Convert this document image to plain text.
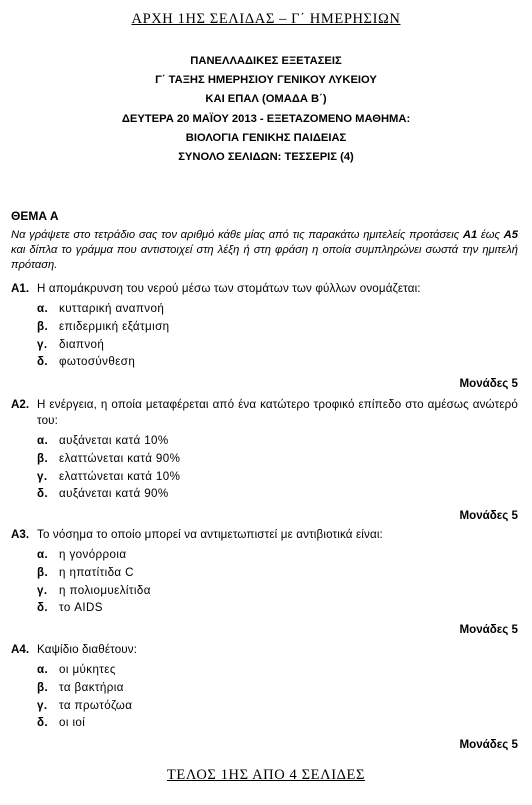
ΑΡΧΗ 1ΗΣ ΣΕΛΙΔΑΣ – Γ΄ ΗΜΕΡΗΣΙΩΝ
ΠΑΝΕΛΛΑΔΙΚΕΣ ΕΞΕΤΑΣΕΙΣ
Γ΄ ΤΑΞΗΣ ΗΜΕΡΗΣΙΟΥ ΓΕΝΙΚΟΥ ΛΥΚΕΙΟΥ
ΚΑΙ ΕΠΑΛ (ΟΜΑΔΑ Β΄)
ΔΕΥΤΕΡΑ 20 ΜΑΪΟΥ 2013 - ΕΞΕΤΑΖΟΜΕΝΟ ΜΑΘΗΜΑ:
ΒΙΟΛΟΓΙΑ ΓΕΝΙΚΗΣ ΠΑΙΔΕΙΑΣ
ΣΥΝΟΛΟ ΣΕΛΙΔΩΝ: ΤΕΣΣΕΡΙΣ (4)
ΘΕΜΑ Α
Να γράψετε στο τετράδιο σας τον αριθμό κάθε μίας από τις παρακάτω ημιτελείς προτάσεις Α1 έως Α5 και δίπλα το γράμμα που αντιστοιχεί στη λέξη ή στη φράση η οποία συμπληρώνει σωστά την ημιτελή πρόταση.
Α1. Η απομάκρυνση του νερού μέσω των στομάτων των φύλλων ονομάζεται:
α. κυτταρική αναπνοή
β. επιδερμική εξάτμιση
γ. διαπνοή
δ. φωτοσύνθεση
Μονάδες 5
Α2. Η ενέργεια, η οποία μεταφέρεται από ένα κατώτερο τροφικό επίπεδο στο αμέσως ανώτερό του:
α. αυξάνεται κατά 10%
β. ελαττώνεται κατά 90%
γ. ελαττώνεται κατά 10%
δ. αυξάνεται κατά 90%
Μονάδες 5
Α3. Το νόσημα το οποίο μπορεί να αντιμετωπιστεί με αντιβιοτικά είναι:
α. η γονόρροια
β. η ηπατίτιδα C
γ. η πολιομυελίτιδα
δ. το AIDS
Μονάδες 5
Α4. Καψίδιο διαθέτουν:
α. οι μύκητες
β. τα βακτήρια
γ. τα πρωτόζωα
δ. οι ιοί
Μονάδες 5
ΤΕΛΟΣ 1ΗΣ ΑΠΟ 4 ΣΕΛΙΔΕΣ
